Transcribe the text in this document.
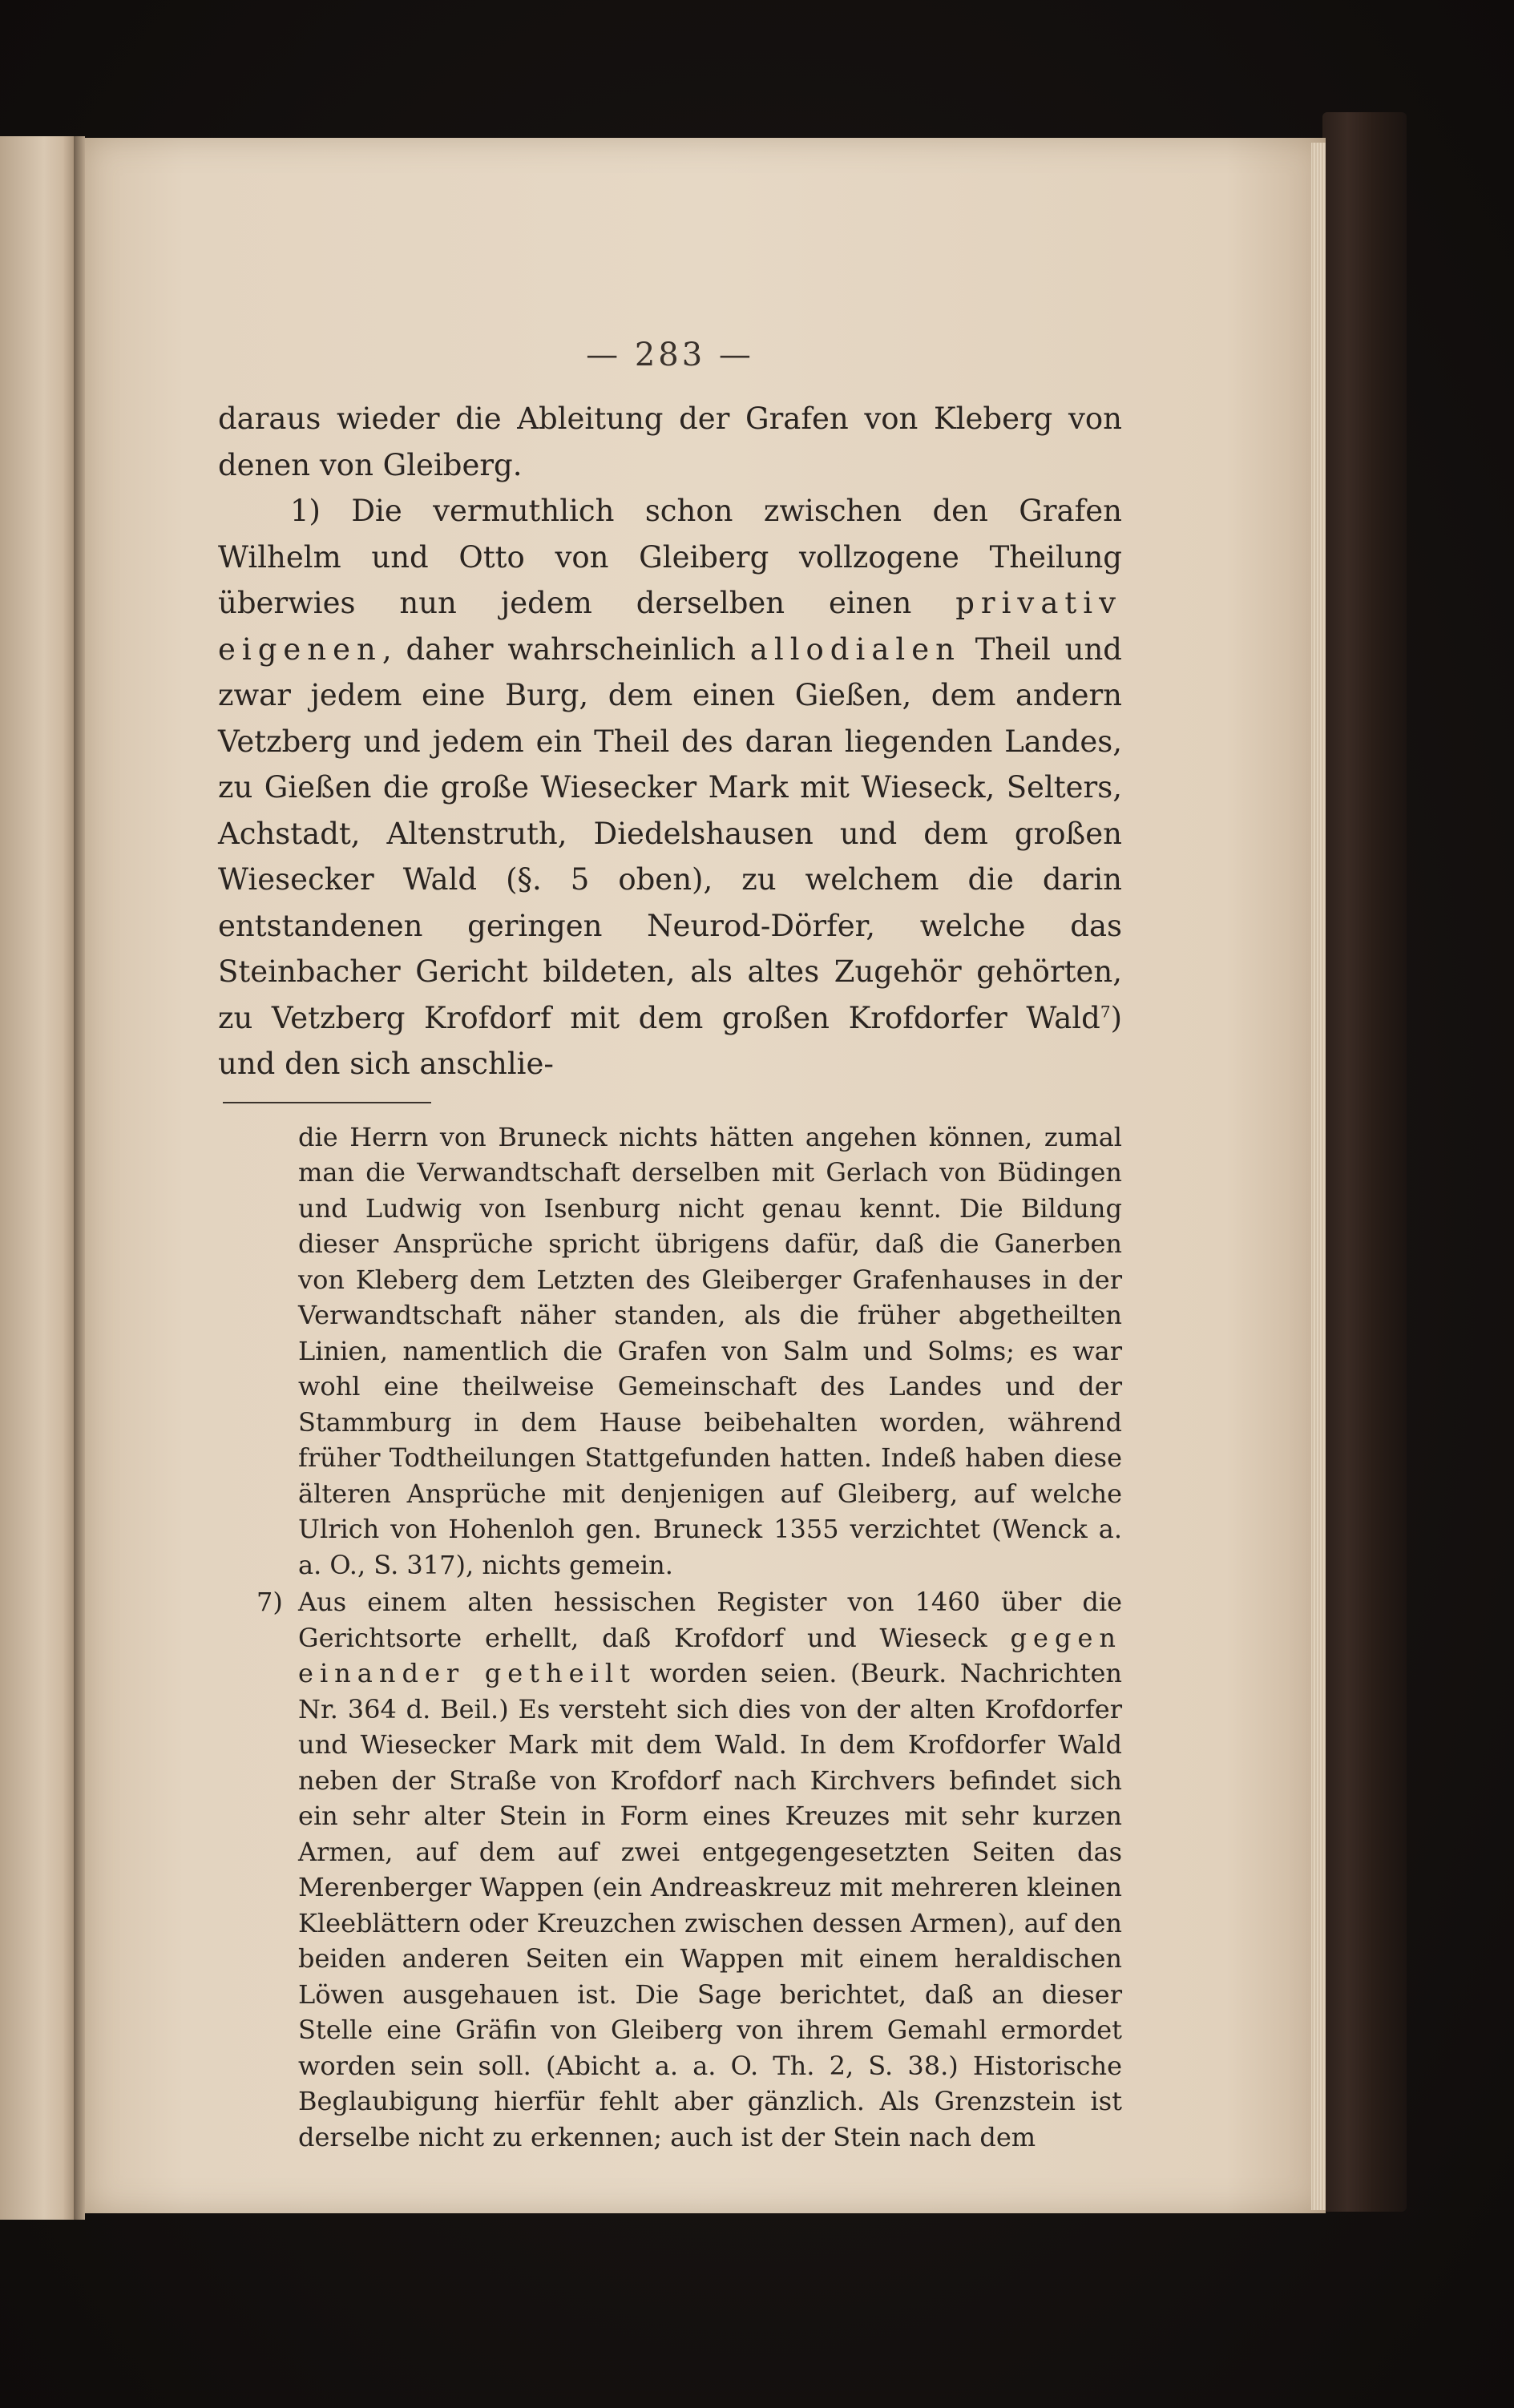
— 283 —

daraus wieder die Ableitung der Grafen von Kleberg von denen von Gleiberg.

1) Die vermuthlich schon zwischen den Grafen Wilhelm und Otto von Gleiberg vollzogene Theilung überwies nun jedem derselben einen privativ eigenen, daher wahrscheinlich allodialen Theil und zwar jedem eine Burg, dem einen Gießen, dem andern Vetzberg und jedem ein Theil des daran liegenden Landes, zu Gießen die große Wiesecker Mark mit Wieseck, Selters, Achstadt, Altenstruth, Diedelshausen und dem großen Wiesecker Wald (§. 5 oben), zu welchem die darin entstandenen geringen Neurod-Dörfer, welche das Steinbacher Gericht bildeten, als altes Zugehör gehörten, zu Vetzberg Krofdorf mit dem großen Krofdorfer Wald$^7$) und den sich anschlie-

die Herrn von Bruneck nichts hätten angehen können, zumal man die Verwandtschaft derselben mit Gerlach von Büdingen und Ludwig von Isenburg nicht genau kennt. Die Bildung dieser Ansprüche spricht übrigens dafür, daß die Ganerben von Kleberg dem Letzten des Gleiberger Grafenhauses in der Verwandtschaft näher standen, als die früher abgetheilten Linien, namentlich die Grafen von Salm und Solms; es war wohl eine theilweise Gemeinschaft des Landes und der Stammburg in dem Hause beibehalten worden, während früher Todtheilungen Stattgefunden hatten. Indeß haben diese älteren Ansprüche mit denjenigen auf Gleiberg, auf welche Ulrich von Hohenloh gen. Bruneck 1355 verzichtet (Wenck a. a. O., S. 317), nichts gemein.
7) Aus einem alten hessischen Register von 1460 über die Gerichtsorte erhellt, daß Krofdorf und Wieseck gegen einander getheilt worden seien. (Beurk. Nachrichten Nr. 364 d. Beil.) Es versteht sich dies von der alten Krofdorfer und Wiesecker Mark mit dem Wald. In dem Krofdorfer Wald neben der Straße von Krofdorf nach Kirchvers befindet sich ein sehr alter Stein in Form eines Kreuzes mit sehr kurzen Armen, auf dem auf zwei entgegengesetzten Seiten das Merenberger Wappen (ein Andreaskreuz mit mehreren kleinen Kleeblättern oder Kreuzchen zwischen dessen Armen), auf den beiden anderen Seiten ein Wappen mit einem heraldischen Löwen ausgehauen ist. Die Sage berichtet, daß an dieser Stelle eine Gräfin von Gleiberg von ihrem Gemahl ermordet worden sein soll. (Abicht a. a. O. Th. 2, S. 38.) Historische Beglaubigung hierfür fehlt aber gänzlich. Als Grenzstein ist derselbe nicht zu erkennen; auch ist der Stein nach dem
